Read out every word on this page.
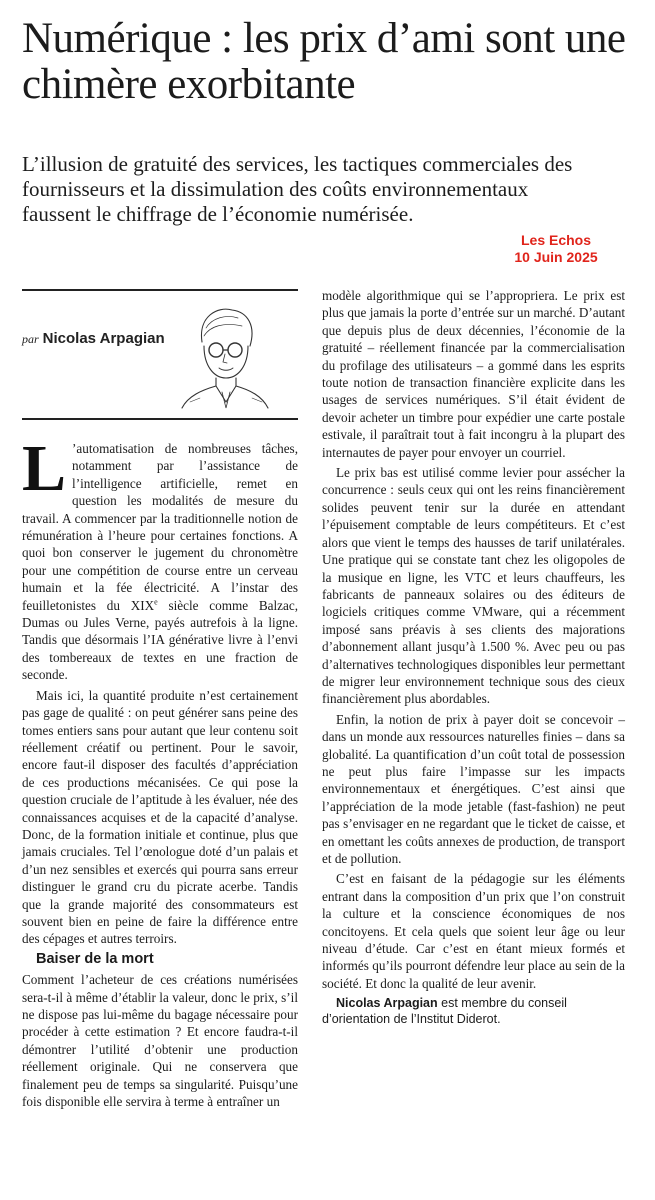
Numérique : les prix d’ami sont une chimère exorbitante

L’illusion de gratuité des services, les tactiques commerciales des fournisseurs et la dissimulation des coûts environnementaux faussent le chiffrage de l’économie numérisée.

Les Echos
10 Juin 2025
par Nicolas Arpagian

L ’automatisation de nombreuses tâches, notamment par l’assistance de l’intelligence artificielle, remet en question les modalités de mesure du travail. A commencer par la traditionnelle notion de rémunération à l’heure pour certaines fonctions. A quoi bon conserver le jugement du chronomètre pour une compétition de course entre un cerveau humain et la fée électricité. A l’instar des feuilletonistes du XIXe siècle comme Balzac, Dumas ou Jules Verne, payés autrefois à la ligne. Tandis que désormais l’IA générative livre à l’envi des tombereaux de textes en une fraction de seconde.

Mais ici, la quantité produite n’est certainement pas gage de qualité : on peut générer sans peine des tomes entiers sans pour autant que leur contenu soit réellement créatif ou pertinent. Pour le savoir, encore faut-il disposer des facultés d’appréciation de ces productions mécanisées. Ce qui pose la question cruciale de l’aptitude à les évaluer, née des connaissances acquises et de la capacité d’analyse. Donc, de la formation initiale et continue, plus que jamais cruciales. Tel l’œnologue doté d’un palais et d’un nez sensibles et exercés qui pourra sans erreur distinguer le grand cru du picrate acerbe. Tandis que la grande majorité des consommateurs est souvent bien en peine de faire la différence entre des cépages et autres terroirs.

Baiser de la mort

Comment l’acheteur de ces créations numérisées sera-t-il à même d’établir la valeur, donc le prix, s’il ne dispose pas lui-même du bagage nécessaire pour procéder à cette estimation ? Et encore faudra-t-il démontrer l’utilité d’obtenir une production réellement originale. Qui ne conservera que finalement peu de temps sa singularité. Puisqu’une fois disponible elle servira à terme à entraîner un

modèle algorithmique qui se l’appropriera. Le prix est plus que jamais la porte d’entrée sur un marché. D’autant que depuis plus de deux décennies, l’économie de la gratuité – réellement financée par la commercialisation du profilage des utilisateurs – a gommé dans les esprits toute notion de transaction financière explicite dans les usages de services numériques. S’il était évident de devoir acheter un timbre pour expédier une carte postale estivale, il paraîtrait tout à fait incongru à la plupart des internautes de payer pour envoyer un courriel.

Le prix bas est utilisé comme levier pour assécher la concurrence : seuls ceux qui ont les reins financièrement solides peuvent tenir sur la durée en attendant l’épuisement comptable de leurs compétiteurs. Et c’est alors que vient le temps des hausses de tarif unilatérales. Une pratique qui se constate tant chez les oligopoles de la musique en ligne, les VTC et leurs chauffeurs, les fabricants de panneaux solaires ou des éditeurs de logiciels critiques comme VMware, qui a récemment imposé sans préavis à ses clients des majorations d’abonnement allant jusqu’à 1.500 %. Avec peu ou pas d’alternatives technologiques disponibles leur permettant de migrer leur environnement technique sous des cieux financièrement plus abordables.

Enfin, la notion de prix à payer doit se concevoir – dans un monde aux ressources naturelles finies – dans sa globalité. La quantification d’un coût total de possession ne peut plus faire l’impasse sur les impacts environnementaux et énergétiques. C’est ainsi que l’appréciation de la mode jetable (fast-fashion) ne peut pas s’envisager en ne regardant que le ticket de caisse, et en omettant les coûts annexes de production, de transport et de pollution.

C’est en faisant de la pédagogie sur les éléments entrant dans la composition d’un prix que l’on construit la culture et la conscience économiques de nos concitoyens. Et cela quels que soient leur âge ou leur niveau d’étude. Car c’est en étant mieux formés et informés qu’ils pourront défendre leur place au sein de la société. Et donc la qualité de leur avenir.

Nicolas Arpagian est membre du conseil d’orientation de l’Institut Diderot.
